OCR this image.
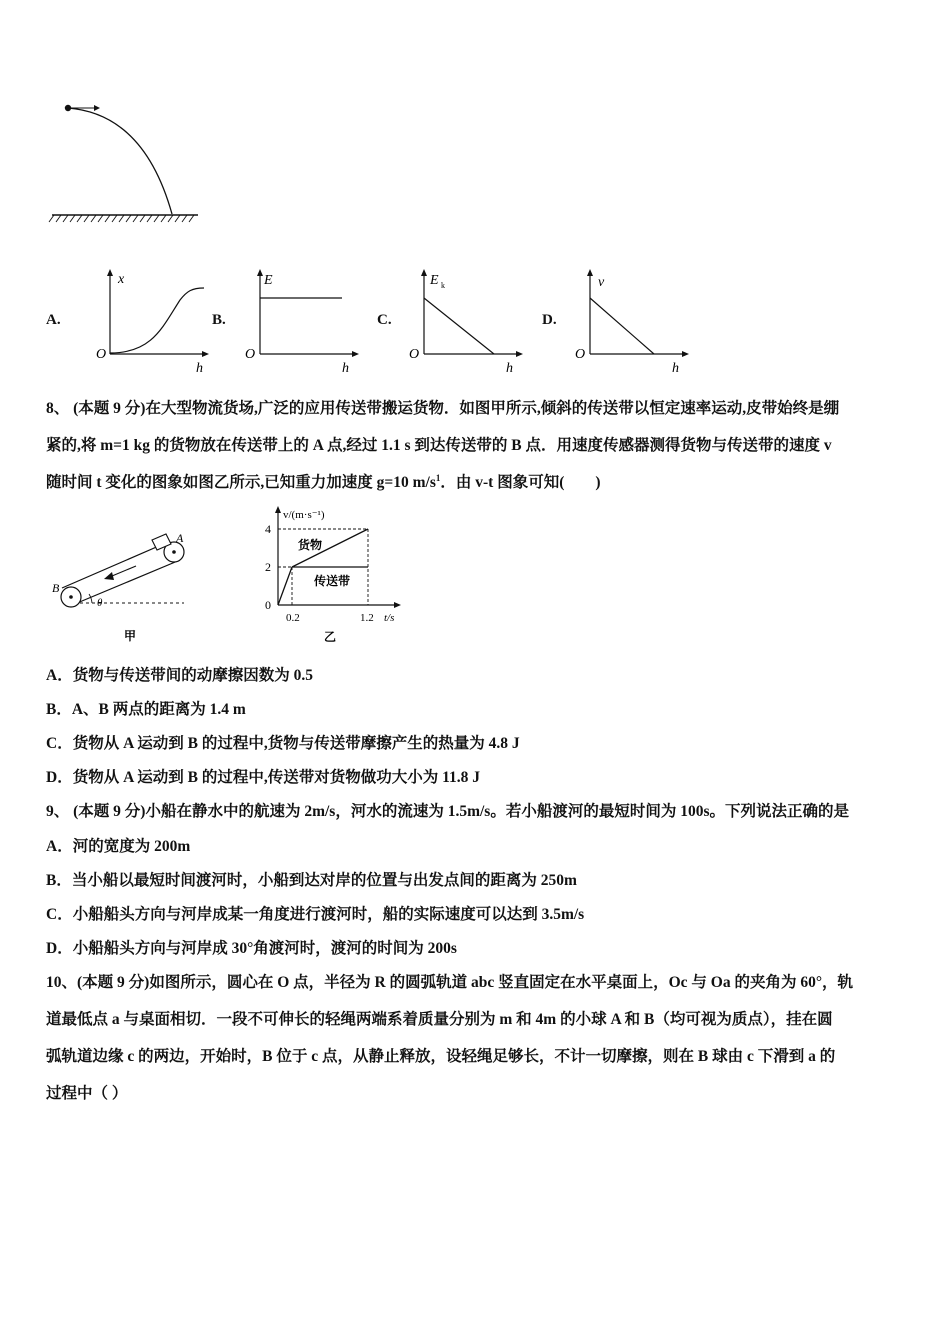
A.
x
O
h
B.
E
O
h
C.
E k
O
h
D.
v
O
h
8、 (本题 9 分)在大型物流货场,广泛的应用传送带搬运货物．如图甲所示,倾斜的传送带以恒定速率运动,皮带始终是绷
紧的,将 m=1 kg 的货物放在传送带上的 A 点,经过 1.1 s 到达传送带的 B 点．用速度传感器测得货物与传送带的速度 v
随时间 t 变化的图象如图乙所示,已知重力加速度 g=10 $m/s^1$．由 v-t 图象可知(　　)
A
B
θ
甲
v/(m·s⁻¹)
4
2
0
0.2	1.2 t/s
货物
传送带
乙
A．货物与传送带间的动摩擦因数为 0.5
B．A、B 两点的距离为 1.4 m
C．货物从 A 运动到 B 的过程中,货物与传送带摩擦产生的热量为 4.8 J
D．货物从 A 运动到 B 的过程中,传送带对货物做功大小为 11.8 J
9、 (本题 9 分)小船在静水中的航速为 2m/s，河水的流速为 1.5m/s。若小船渡河的最短时间为 100s。下列说法正确的是
A．河的宽度为 200m
B．当小船以最短时间渡河时，小船到达对岸的位置与出发点间的距离为 250m
C．小船船头方向与河岸成某一角度进行渡河时，船的实际速度可以达到 3.5m/s
D．小船船头方向与河岸成 30°角渡河时，渡河的时间为 200s
10、(本题 9 分)如图所示，圆心在 O 点，半径为 R 的圆弧轨道 abc 竖直固定在水平桌面上，Oc 与 Oa 的夹角为 60°，轨
道最低点 a 与桌面相切．一段不可伸长的轻绳两端系着质量分别为 m 和 4m 的小球 A 和 B（均可视为质点），挂在圆
弧轨道边缘 c 的两边，开始时，B 位于 c 点，从静止释放，设轻绳足够长，不计一切摩擦，则在 B 球由 c 下滑到 a 的
过程中（ ）
